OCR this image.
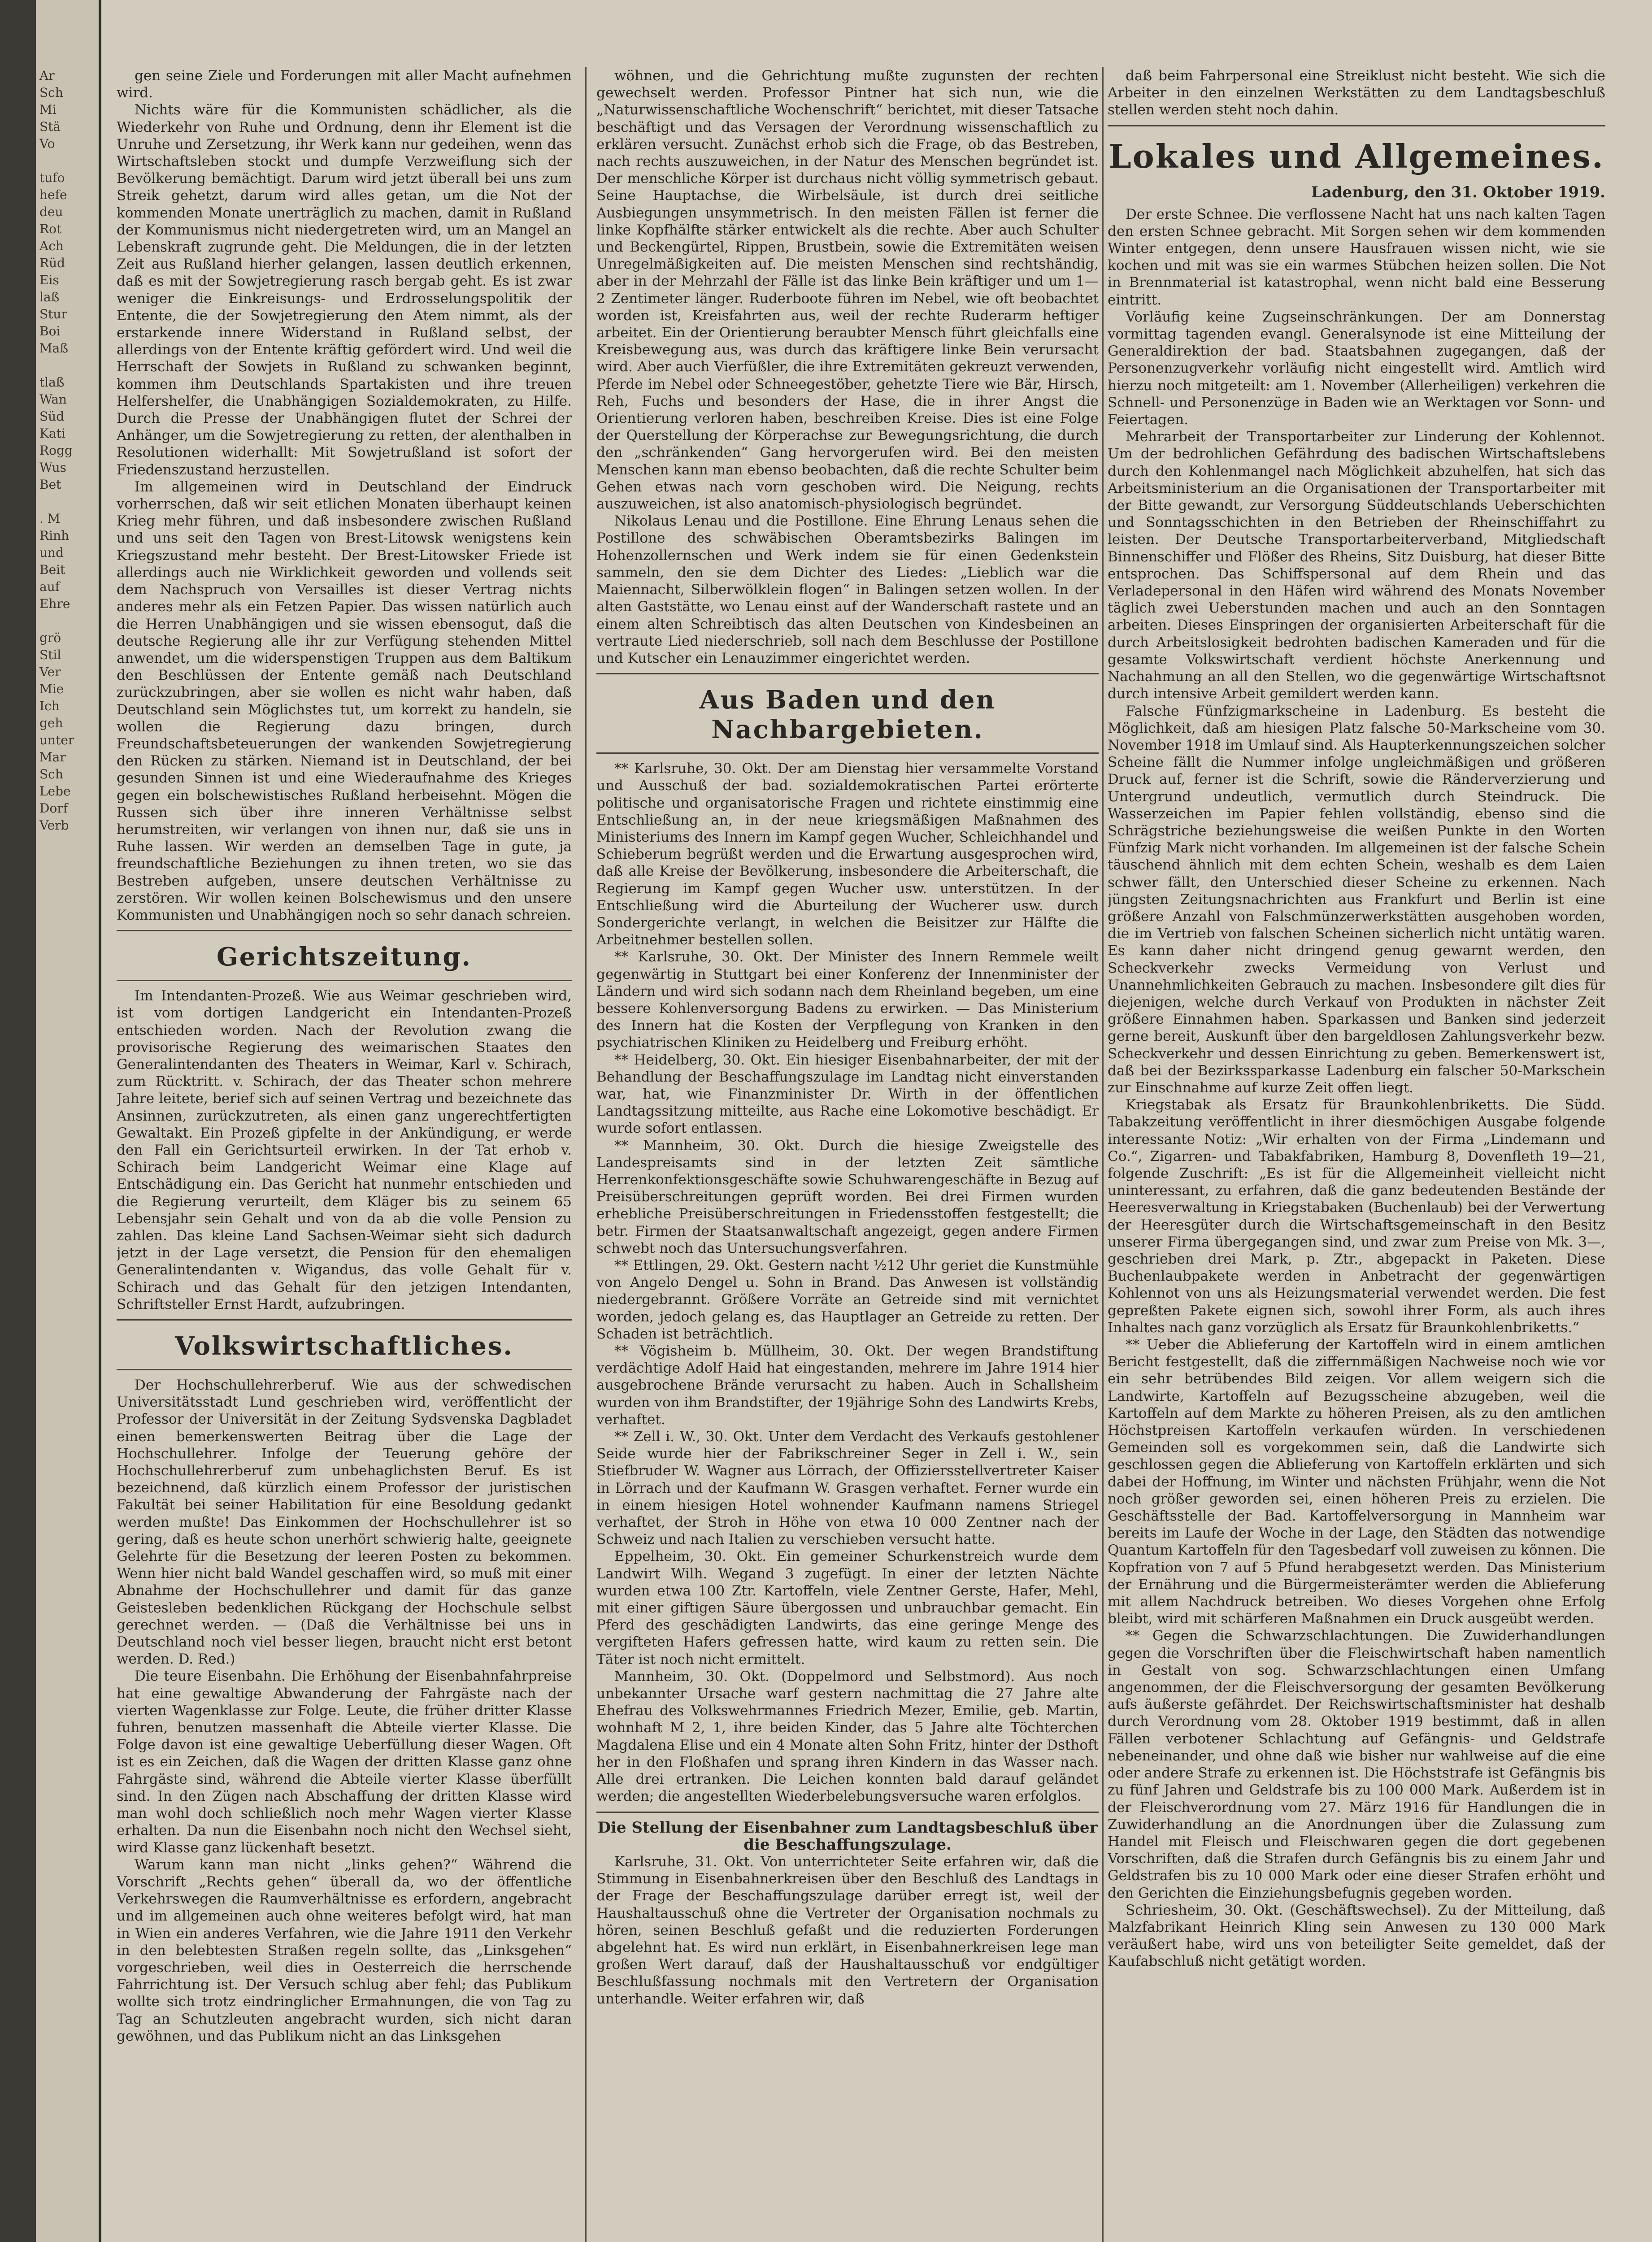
Ar
Sch
Mi
Stä
Vo

tufo
hefe
deu
Rot
Ach
Rüd
Eis
laß
Stur
Boi
Maß

tlaß
Wan
Süd
Kati
Rogg
Wus
Bet

. M
Rinh
und
Beit
auf
Ehre

grö
Stil
Ver
Mie
Ich
geh
unter
Mar
Sch
Lebe
Dorf
Verb

gen seine Ziele und Forderungen mit aller Macht aufnehmen wird.

Nichts wäre für die Kommunisten schädlicher, als die Wiederkehr von Ruhe und Ordnung, denn ihr Element ist die Unruhe und Zersetzung, ihr Werk kann nur gedeihen, wenn das Wirtschaftsleben stockt und dumpfe Verzweiflung sich der Bevölkerung bemächtigt. Darum wird jetzt überall bei uns zum Streik gehetzt, darum wird alles getan, um die Not der kommenden Monate unerträglich zu machen, damit in Rußland der Kommunismus nicht niedergetreten wird, um an Mangel an Lebenskraft zugrunde geht. Die Meldungen, die in der letzten Zeit aus Rußland hierher gelangen, lassen deutlich erkennen, daß es mit der Sowjetregierung rasch bergab geht. Es ist zwar weniger die Einkreisungs- und Erdrosselungspolitik der Entente, die der Sowjetregierung den Atem nimmt, als der erstarkende innere Widerstand in Rußland selbst, der allerdings von der Entente kräftig gefördert wird. Und weil die Herrschaft der Sowjets in Rußland zu schwanken beginnt, kommen ihm Deutschlands Spartakisten und ihre treuen Helfershelfer, die Unabhängigen Sozialdemokraten, zu Hilfe. Durch die Presse der Unabhängigen flutet der Schrei der Anhänger, um die Sowjetregierung zu retten, der alenthalben in Resolutionen widerhallt: Mit Sowjetrußland ist sofort der Friedenszustand herzustellen.

Im allgemeinen wird in Deutschland der Eindruck vorherrschen, daß wir seit etlichen Monaten überhaupt keinen Krieg mehr führen, und daß insbesondere zwischen Rußland und uns seit den Tagen von Brest-Litowsk wenigstens kein Kriegszustand mehr besteht. Der Brest-Litowsker Friede ist allerdings auch nie Wirklichkeit geworden und vollends seit dem Nachspruch von Versailles ist dieser Vertrag nichts anderes mehr als ein Fetzen Papier. Das wissen natürlich auch die Herren Unabhängigen und sie wissen ebensogut, daß die deutsche Regierung alle ihr zur Verfügung stehenden Mittel anwendet, um die widerspenstigen Truppen aus dem Baltikum den Beschlüssen der Entente gemäß nach Deutschland zurückzubringen, aber sie wollen es nicht wahr haben, daß Deutschland sein Möglichstes tut, um korrekt zu handeln, sie wollen die Regierung dazu bringen, durch Freundschaftsbeteuerungen der wankenden Sowjetregierung den Rücken zu stärken. Niemand ist in Deutschland, der bei gesunden Sinnen ist und eine Wiederaufnahme des Krieges gegen ein bolschewistisches Rußland herbeisehnt. Mögen die Russen sich über ihre inneren Verhältnisse selbst herumstreiten, wir verlangen von ihnen nur, daß sie uns in Ruhe lassen. Wir werden an demselben Tage in gute, ja freundschaftliche Beziehungen zu ihnen treten, wo sie das Bestreben aufgeben, unsere deutschen Verhältnisse zu zerstören. Wir wollen keinen Bolschewismus und den unsere Kommunisten und Unabhängigen noch so sehr danach schreien.

Gerichtszeitung.

Im Intendanten-Prozeß. Wie aus Weimar geschrieben wird, ist vom dortigen Landgericht ein Intendanten-Prozeß entschieden worden. Nach der Revolution zwang die provisorische Regierung des weimarischen Staates den Generalintendanten des Theaters in Weimar, Karl v. Schirach, zum Rücktritt. v. Schirach, der das Theater schon mehrere Jahre leitete, berief sich auf seinen Vertrag und bezeichnete das Ansinnen, zurückzutreten, als einen ganz ungerechtfertigten Gewaltakt. Ein Prozeß gipfelte in der Ankündigung, er werde den Fall ein Gerichtsurteil erwirken. In der Tat erhob v. Schirach beim Landgericht Weimar eine Klage auf Entschädigung ein. Das Gericht hat nunmehr entschieden und die Regierung verurteilt, dem Kläger bis zu seinem 65 Lebensjahr sein Gehalt und von da ab die volle Pension zu zahlen. Das kleine Land Sachsen-Weimar sieht sich dadurch jetzt in der Lage versetzt, die Pension für den ehemaligen Generalintendanten v. Wigandus, das volle Gehalt für v. Schirach und das Gehalt für den jetzigen Intendanten, Schriftsteller Ernst Hardt, aufzubringen.

Volkswirtschaftliches.

Der Hochschullehrerberuf. Wie aus der schwedischen Universitätsstadt Lund geschrieben wird, veröffentlicht der Professor der Universität in der Zeitung Sydsvenska Dagbladet einen bemerkenswerten Beitrag über die Lage der Hochschullehrer. Infolge der Teuerung gehöre der Hochschullehrerberuf zum unbehaglichsten Beruf. Es ist bezeichnend, daß kürzlich einem Professor der juristischen Fakultät bei seiner Habilitation für eine Besoldung gedankt werden mußte! Das Einkommen der Hochschullehrer ist so gering, daß es heute schon unerhört schwierig halte, geeignete Gelehrte für die Besetzung der leeren Posten zu bekommen. Wenn hier nicht bald Wandel geschaffen wird, so muß mit einer Abnahme der Hochschullehrer und damit für das ganze Geistesleben bedenklichen Rückgang der Hochschule selbst gerechnet werden. — (Daß die Verhältnisse bei uns in Deutschland noch viel besser liegen, braucht nicht erst betont werden. D. Red.)

Die teure Eisenbahn. Die Erhöhung der Eisenbahnfahrpreise hat eine gewaltige Abwanderung der Fahrgäste nach der vierten Wagenklasse zur Folge. Leute, die früher dritter Klasse fuhren, benutzen massenhaft die Abteile vierter Klasse. Die Folge davon ist eine gewaltige Ueberfüllung dieser Wagen. Oft ist es ein Zeichen, daß die Wagen der dritten Klasse ganz ohne Fahrgäste sind, während die Abteile vierter Klasse überfüllt sind. In den Zügen nach Abschaffung der dritten Klasse wird man wohl doch schließlich noch mehr Wagen vierter Klasse erhalten. Da nun die Eisenbahn noch nicht den Wechsel sieht, wird Klasse ganz lückenhaft besetzt.

Warum kann man nicht „links gehen?“ Während die Vorschrift „Rechts gehen“ überall da, wo der öffentliche Verkehrswegen die Raumverhältnisse es erfordern, angebracht und im allgemeinen auch ohne weiteres befolgt wird, hat man in Wien ein anderes Verfahren, wie die Jahre 1911 den Verkehr in den belebtesten Straßen regeln sollte, das „Linksgehen“ vorgeschrieben, weil dies in Oesterreich die herrschende Fahrrichtung ist. Der Versuch schlug aber fehl; das Publikum wollte sich trotz eindringlicher Ermahnungen, die von Tag zu Tag an Schutzleuten angebracht wurden, sich nicht daran gewöhnen, und das Publikum nicht an das Linksgehen

wöhnen, und die Gehrichtung mußte zugunsten der rechten gewechselt werden. Professor Pintner hat sich nun, wie die „Naturwissenschaftliche Wochenschrift“ berichtet, mit dieser Tatsache beschäftigt und das Versagen der Verordnung wissenschaftlich zu erklären versucht. Zunächst erhob sich die Frage, ob das Bestreben, nach rechts auszuweichen, in der Natur des Menschen begründet ist. Der menschliche Körper ist durchaus nicht völlig symmetrisch gebaut. Seine Hauptachse, die Wirbelsäule, ist durch drei seitliche Ausbiegungen unsymmetrisch. In den meisten Fällen ist ferner die linke Kopfhälfte stärker entwickelt als die rechte. Aber auch Schulter und Beckengürtel, Rippen, Brustbein, sowie die Extremitäten weisen Unregelmäßigkeiten auf. Die meisten Menschen sind rechtshändig, aber in der Mehrzahl der Fälle ist das linke Bein kräftiger und um 1—2 Zentimeter länger. Ruderboote führen im Nebel, wie oft beobachtet worden ist, Kreisfahrten aus, weil der rechte Ruderarm heftiger arbeitet. Ein der Orientierung beraubter Mensch führt gleichfalls eine Kreisbewegung aus, was durch das kräftigere linke Bein verursacht wird. Aber auch Vierfüßler, die ihre Extremitäten gekreuzt verwenden, Pferde im Nebel oder Schneegestöber, gehetzte Tiere wie Bär, Hirsch, Reh, Fuchs und besonders der Hase, die in ihrer Angst die Orientierung verloren haben, beschreiben Kreise. Dies ist eine Folge der Querstellung der Körperachse zur Bewegungsrichtung, die durch den „schränkenden“ Gang hervorgerufen wird. Bei den meisten Menschen kann man ebenso beobachten, daß die rechte Schulter beim Gehen etwas nach vorn geschoben wird. Die Neigung, rechts auszuweichen, ist also anatomisch-physiologisch begründet.

Nikolaus Lenau und die Postillone. Eine Ehrung Lenaus sehen die Postillone des schwäbischen Oberamtsbezirks Balingen im Hohenzollernschen und Werk indem sie für einen Gedenkstein sammeln, den sie dem Dichter des Liedes: „Lieblich war die Maiennacht, Silberwölklein flogen“ in Balingen setzen wollen. In der alten Gaststätte, wo Lenau einst auf der Wanderschaft rastete und an einem alten Schreibtisch das alten Deutschen von Kindesbeinen an vertraute Lied niederschrieb, soll nach dem Beschlusse der Postillone und Kutscher ein Lenauzimmer eingerichtet werden.

Aus Baden und den Nachbargebieten.

** Karlsruhe, 30. Okt. Der am Dienstag hier versammelte Vorstand und Ausschuß der bad. sozialdemokratischen Partei erörterte politische und organisatorische Fragen und richtete einstimmig eine Entschließung an, in der neue kriegsmäßigen Maßnahmen des Ministeriums des Innern im Kampf gegen Wucher, Schleichhandel und Schieberum begrüßt werden und die Erwartung ausgesprochen wird, daß alle Kreise der Bevölkerung, insbesondere die Arbeiterschaft, die Regierung im Kampf gegen Wucher usw. unterstützen. In der Entschließung wird die Aburteilung der Wucherer usw. durch Sondergerichte verlangt, in welchen die Beisitzer zur Hälfte die Arbeitnehmer bestellen sollen.

** Karlsruhe, 30. Okt. Der Minister des Innern Remmele weilt gegenwärtig in Stuttgart bei einer Konferenz der Innenminister der Ländern und wird sich sodann nach dem Rheinland begeben, um eine bessere Kohlenversorgung Badens zu erwirken. — Das Ministerium des Innern hat die Kosten der Verpflegung von Kranken in den psychiatrischen Kliniken zu Heidelberg und Freiburg erhöht.

** Heidelberg, 30. Okt. Ein hiesiger Eisenbahnarbeiter, der mit der Behandlung der Beschaffungszulage im Landtag nicht einverstanden war, hat, wie Finanzminister Dr. Wirth in der öffentlichen Landtagssitzung mitteilte, aus Rache eine Lokomotive beschädigt. Er wurde sofort entlassen.

** Mannheim, 30. Okt. Durch die hiesige Zweigstelle des Landespreisamts sind in der letzten Zeit sämtliche Herrenkonfektionsgeschäfte sowie Schuhwarengeschäfte in Bezug auf Preisüberschreitungen geprüft worden. Bei drei Firmen wurden erhebliche Preisüberschreitungen in Friedensstoffen festgestellt; die betr. Firmen der Staatsanwaltschaft angezeigt, gegen andere Firmen schwebt noch das Untersuchungsverfahren.

** Ettlingen, 29. Okt. Gestern nacht ½12 Uhr geriet die Kunstmühle von Angelo Dengel u. Sohn in Brand. Das Anwesen ist vollständig niedergebrannt. Größere Vorräte an Getreide sind mit vernichtet worden, jedoch gelang es, das Hauptlager an Getreide zu retten. Der Schaden ist beträchtlich.

** Vögisheim b. Müllheim, 30. Okt. Der wegen Brandstiftung verdächtige Adolf Haid hat eingestanden, mehrere im Jahre 1914 hier ausgebrochene Brände verursacht zu haben. Auch in Schallsheim wurden von ihm Brandstifter, der 19jährige Sohn des Landwirts Krebs, verhaftet.

** Zell i. W., 30. Okt. Unter dem Verdacht des Verkaufs gestohlener Seide wurde hier der Fabrikschreiner Seger in Zell i. W., sein Stiefbruder W. Wagner aus Lörrach, der Offiziersstellvertreter Kaiser in Lörrach und der Kaufmann W. Grasgen verhaftet. Ferner wurde ein in einem hiesigen Hotel wohnender Kaufmann namens Striegel verhaftet, der Stroh in Höhe von etwa 10 000 Zentner nach der Schweiz und nach Italien zu verschieben versucht hatte.

Eppelheim, 30. Okt. Ein gemeiner Schurkenstreich wurde dem Landwirt Wilh. Wegand 3 zugefügt. In einer der letzten Nächte wurden etwa 100 Ztr. Kartoffeln, viele Zentner Gerste, Hafer, Mehl, mit einer giftigen Säure übergossen und unbrauchbar gemacht. Ein Pferd des geschädigten Landwirts, das eine geringe Menge des vergifteten Hafers gefressen hatte, wird kaum zu retten sein. Die Täter ist noch nicht ermittelt.

Mannheim, 30. Okt. (Doppelmord und Selbstmord). Aus noch unbekannter Ursache warf gestern nachmittag die 27 Jahre alte Ehefrau des Volkswehrmannes Friedrich Mezer, Emilie, geb. Martin, wohnhaft M 2, 1, ihre beiden Kinder, das 5 Jahre alte Töchterchen Magdalena Elise und ein 4 Monate alten Sohn Fritz, hinter der Dsthoft her in den Floßhafen und sprang ihren Kindern in das Wasser nach. Alle drei ertranken. Die Leichen konnten bald darauf geländet werden; die angestellten Wiederbelebungsversuche waren erfolglos.

Die Stellung der Eisenbahner zum Landtagsbeschluß über die Beschaffungszulage.

Karlsruhe, 31. Okt. Von unterrichteter Seite erfahren wir, daß die Stimmung in Eisenbahnerkreisen über den Beschluß des Landtags in der Frage der Beschaffungszulage darüber erregt ist, weil der Haushaltausschuß ohne die Vertreter der Organisation nochmals zu hören, seinen Beschluß gefaßt und die reduzierten Forderungen abgelehnt hat. Es wird nun erklärt, in Eisenbahnerkreisen lege man großen Wert darauf, daß der Haushaltausschuß vor endgültiger Beschlußfassung nochmals mit den Vertretern der Organisation unterhandle. Weiter erfahren wir, daß

daß beim Fahrpersonal eine Streiklust nicht besteht. Wie sich die Arbeiter in den einzelnen Werkstätten zu dem Landtagsbeschluß stellen werden steht noch dahin.

Lokales und Allgemeines.
Ladenburg, den 31. Oktober 1919.

Der erste Schnee. Die verflossene Nacht hat uns nach kalten Tagen den ersten Schnee gebracht. Mit Sorgen sehen wir dem kommenden Winter entgegen, denn unsere Hausfrauen wissen nicht, wie sie kochen und mit was sie ein warmes Stübchen heizen sollen. Die Not in Brennmaterial ist katastrophal, wenn nicht bald eine Besserung eintritt.

Vorläufig keine Zugseinschränkungen. Der am Donnerstag vormittag tagenden evangl. Generalsynode ist eine Mitteilung der Generaldirektion der bad. Staatsbahnen zugegangen, daß der Personenzugverkehr vorläufig nicht eingestellt wird. Amtlich wird hierzu noch mitgeteilt: am 1. November (Allerheiligen) verkehren die Schnell- und Personenzüge in Baden wie an Werktagen vor Sonn- und Feiertagen.

Mehrarbeit der Transportarbeiter zur Linderung der Kohlennot. Um der bedrohlichen Gefährdung des badischen Wirtschaftslebens durch den Kohlenmangel nach Möglichkeit abzuhelfen, hat sich das Arbeitsministerium an die Organisationen der Transportarbeiter mit der Bitte gewandt, zur Versorgung Süddeutschlands Ueberschichten und Sonntagsschichten in den Betrieben der Rheinschiffahrt zu leisten. Der Deutsche Transportarbeiterverband, Mitgliedschaft Binnenschiffer und Flößer des Rheins, Sitz Duisburg, hat dieser Bitte entsprochen. Das Schiffspersonal auf dem Rhein und das Verladepersonal in den Häfen wird während des Monats November täglich zwei Ueberstunden machen und auch an den Sonntagen arbeiten. Dieses Einspringen der organisierten Arbeiterschaft für die durch Arbeitslosigkeit bedrohten badischen Kameraden und für die gesamte Volkswirtschaft verdient höchste Anerkennung und Nachahmung an all den Stellen, wo die gegenwärtige Wirtschaftsnot durch intensive Arbeit gemildert werden kann.

Falsche Fünfzigmarkscheine in Ladenburg. Es besteht die Möglichkeit, daß am hiesigen Platz falsche 50-Markscheine vom 30. November 1918 im Umlauf sind. Als Haupterkennungszeichen solcher Scheine fällt die Nummer infolge ungleichmäßigen und größeren Druck auf, ferner ist die Schrift, sowie die Ränderverzierung und Untergrund undeutlich, vermutlich durch Steindruck. Die Wasserzeichen im Papier fehlen vollständig, ebenso sind die Schrägstriche beziehungsweise die weißen Punkte in den Worten Fünfzig Mark nicht vorhanden. Im allgemeinen ist der falsche Schein täuschend ähnlich mit dem echten Schein, weshalb es dem Laien schwer fällt, den Unterschied dieser Scheine zu erkennen. Nach jüngsten Zeitungsnachrichten aus Frankfurt und Berlin ist eine größere Anzahl von Falschmünzerwerkstätten ausgehoben worden, die im Vertrieb von falschen Scheinen sicherlich nicht untätig waren. Es kann daher nicht dringend genug gewarnt werden, den Scheckverkehr zwecks Vermeidung von Verlust und Unannehmlichkeiten Gebrauch zu machen. Insbesondere gilt dies für diejenigen, welche durch Verkauf von Produkten in nächster Zeit größere Einnahmen haben. Sparkassen und Banken sind jederzeit gerne bereit, Auskunft über den bargeldlosen Zahlungsverkehr bezw. Scheckverkehr und dessen Einrichtung zu geben. Bemerkenswert ist, daß bei der Bezirkssparkasse Ladenburg ein falscher 50-Markschein zur Einschnahme auf kurze Zeit offen liegt.

Kriegstabak als Ersatz für Braunkohlenbriketts. Die Südd. Tabakzeitung veröffentlicht in ihrer diesmöchigen Ausgabe folgende interessante Notiz: „Wir erhalten von der Firma „Lindemann und Co.“, Zigarren- und Tabakfabriken, Hamburg 8, Dovenfleth 19—21, folgende Zuschrift: „Es ist für die Allgemeinheit vielleicht nicht uninteressant, zu erfahren, daß die ganz bedeutenden Bestände der Heeresverwaltung in Kriegstabaken (Buchenlaub) bei der Verwertung der Heeresgüter durch die Wirtschaftsgemeinschaft in den Besitz unserer Firma übergegangen sind, und zwar zum Preise von Mk. 3—, geschrieben drei Mark, p. Ztr., abgepackt in Paketen. Diese Buchenlaubpakete werden in Anbetracht der gegenwärtigen Kohlennot von uns als Heizungsmaterial verwendet werden. Die fest gepreßten Pakete eignen sich, sowohl ihrer Form, als auch ihres Inhaltes nach ganz vorzüglich als Ersatz für Braunkohlenbriketts.“

** Ueber die Ablieferung der Kartoffeln wird in einem amtlichen Bericht festgestellt, daß die ziffernmäßigen Nachweise noch wie vor ein sehr betrübendes Bild zeigen. Vor allem weigern sich die Landwirte, Kartoffeln auf Bezugsscheine abzugeben, weil die Kartoffeln auf dem Markte zu höheren Preisen, als zu den amtlichen Höchstpreisen Kartoffeln verkaufen würden. In verschiedenen Gemeinden soll es vorgekommen sein, daß die Landwirte sich geschlossen gegen die Ablieferung von Kartoffeln erklärten und sich dabei der Hoffnung, im Winter und nächsten Frühjahr, wenn die Not noch größer geworden sei, einen höheren Preis zu erzielen. Die Geschäftsstelle der Bad. Kartoffelversorgung in Mannheim war bereits im Laufe der Woche in der Lage, den Städten das notwendige Quantum Kartoffeln für den Tagesbedarf voll zuweisen zu können. Die Kopfration von 7 auf 5 Pfund herabgesetzt werden. Das Ministerium der Ernährung und die Bürgermeisterämter werden die Ablieferung mit allem Nachdruck betreiben. Wo dieses Vorgehen ohne Erfolg bleibt, wird mit schärferen Maßnahmen ein Druck ausgeübt werden.

** Gegen die Schwarzschlachtungen. Die Zuwiderhandlungen gegen die Vorschriften über die Fleischwirtschaft haben namentlich in Gestalt von sog. Schwarzschlachtungen einen Umfang angenommen, der die Fleischversorgung der gesamten Bevölkerung aufs äußerste gefährdet. Der Reichswirtschaftsminister hat deshalb durch Verordnung vom 28. Oktober 1919 bestimmt, daß in allen Fällen verbotener Schlachtung auf Gefängnis- und Geldstrafe nebeneinander, und ohne daß wie bisher nur wahlweise auf die eine oder andere Strafe zu erkennen ist. Die Höchststrafe ist Gefängnis bis zu fünf Jahren und Geldstrafe bis zu 100 000 Mark. Außerdem ist in der Fleischverordnung vom 27. März 1916 für Handlungen die in Zuwiderhandlung an die Anordnungen über die Zulassung zum Handel mit Fleisch und Fleischwaren gegen die dort gegebenen Vorschriften, daß die Strafen durch Gefängnis bis zu einem Jahr und Geldstrafen bis zu 10 000 Mark oder eine dieser Strafen erhöht und den Gerichten die Einziehungsbefugnis gegeben worden.

Schriesheim, 30. Okt. (Geschäftswechsel). Zu der Mitteilung, daß Malzfabrikant Heinrich Kling sein Anwesen zu 130 000 Mark veräußert habe, wird uns von beteiligter Seite gemeldet, daß der Kaufabschluß nicht getätigt worden.
